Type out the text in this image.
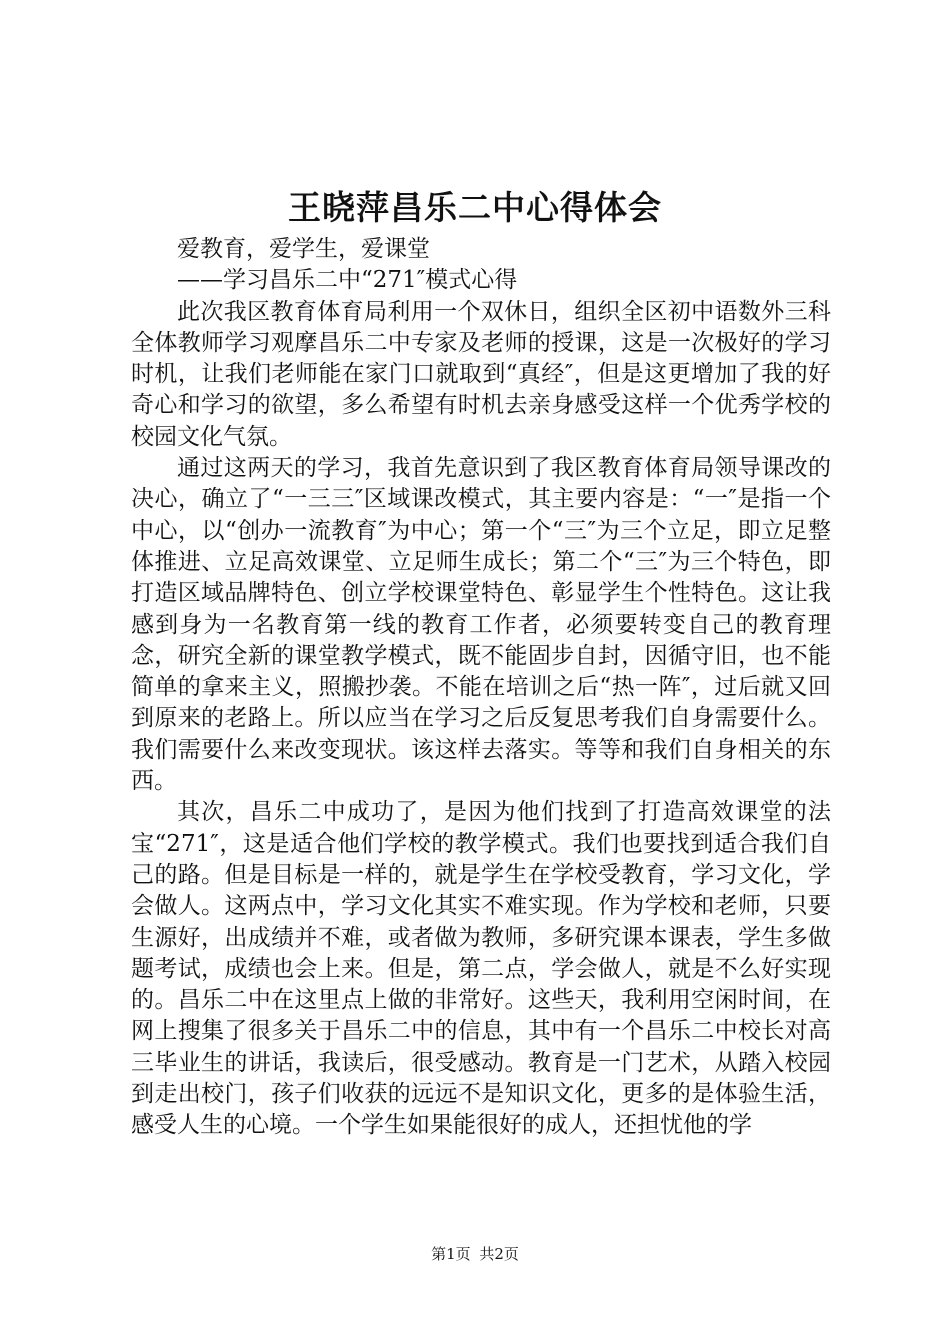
王晓萍昌乐二中心得体会

爱教育，爱学生，爱课堂

——学习昌乐二中“271″模式心得

此次我区教育体育局利用一个双休日，组织全区初中语数外三科全体教师学习观摩昌乐二中专家及老师的授课，这是一次极好的学习时机，让我们老师能在家门口就取到“真经″，但是这更增加了我的好奇心和学习的欲望，多么希望有时机去亲身感受这样一个优秀学校的校园文化气氛。

通过这两天的学习，我首先意识到了我区教育体育局领导课改的决心，确立了“一三三″区域课改模式，其主要内容是：“一″是指一个中心，以“创办一流教育″为中心；第一个“三″为三个立足，即立足整体推进、立足高效课堂、立足师生成长；第二个“三″为三个特色，即打造区域品牌特色、创立学校课堂特色、彰显学生个性特色。这让我感到身为一名教育第一线的教育工作者，必须要转变自己的教育理念，研究全新的课堂教学模式，既不能固步自封，因循守旧，也不能简单的拿来主义，照搬抄袭。不能在培训之后“热一阵″，过后就又回到原来的老路上。所以应当在学习之后反复思考我们自身需要什么。我们需要什么来改变现状。该这样去落实。等等和我们自身相关的东西。

其次，昌乐二中成功了，是因为他们找到了打造高效课堂的法宝“271″，这是适合他们学校的教学模式。我们也要找到适合我们自己的路。但是目标是一样的，就是学生在学校受教育，学习文化，学会做人。这两点中，学习文化其实不难实现。作为学校和老师，只要生源好，出成绩并不难，或者做为教师，多研究课本课表，学生多做题考试，成绩也会上来。但是，第二点，学会做人，就是不么好实现的。昌乐二中在这里点上做的非常好。这些天，我利用空闲时间，在网上搜集了很多关于昌乐二中的信息，其中有一个昌乐二中校长对高三毕业生的讲话，我读后，很受感动。教育是一门艺术，从踏入校园到走出校门，孩子们收获的远远不是知识文化，更多的是体验生活，感受人生的心境。一个学生如果能很好的成人，还担忧他的学

第1页 共2页
